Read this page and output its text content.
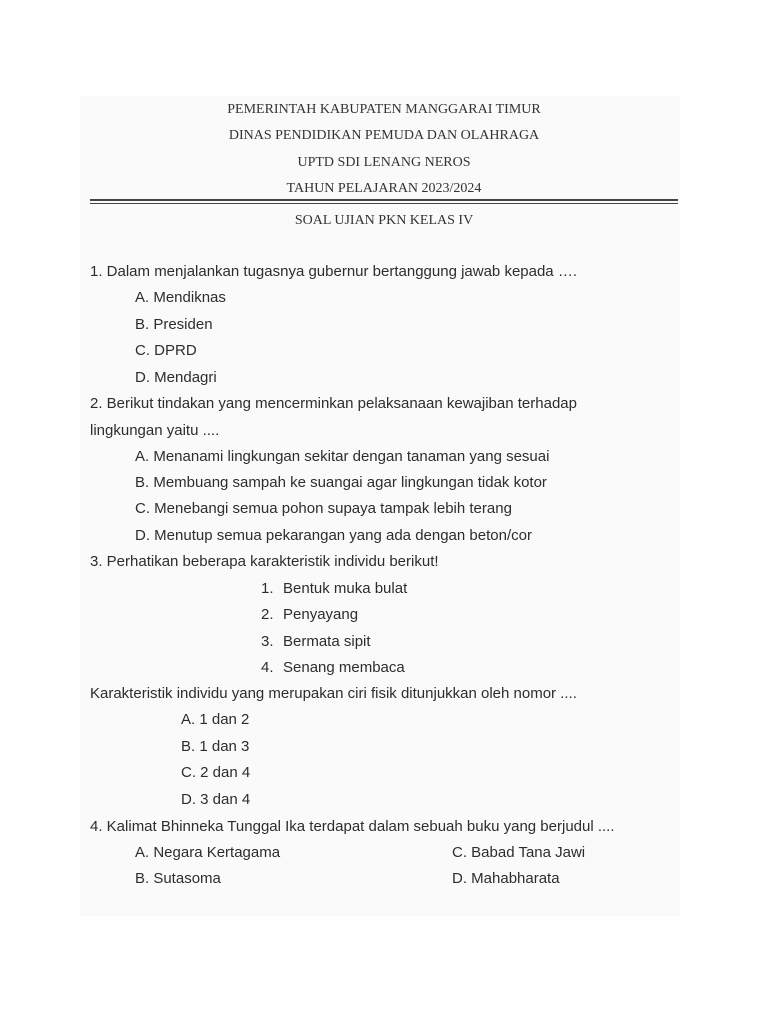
PEMERINTAH KABUPATEN MANGGARAI TIMUR
DINAS PENDIDIKAN PEMUDA DAN OLAHRAGA
UPTD SDI LENANG NEROS
TAHUN PELAJARAN 2023/2024
SOAL UJIAN PKN KELAS IV
1. Dalam menjalankan tugasnya gubernur bertanggung jawab kepada ….
A. Mendiknas
B. Presiden
C. DPRD
D. Mendagri
2. Berikut tindakan yang mencerminkan pelaksanaan kewajiban terhadap
lingkungan yaitu ....
A. Menanami lingkungan sekitar dengan tanaman yang sesuai
B. Membuang sampah ke suangai agar lingkungan tidak kotor
C. Menebangi semua pohon supaya tampak lebih terang
D. Menutup semua pekarangan yang ada dengan beton/cor
3. Perhatikan beberapa karakteristik individu berikut!
1. Bentuk muka bulat
2. Penyayang
3. Bermata sipit
4. Senang membaca
Karakteristik individu yang merupakan ciri fisik ditunjukkan oleh nomor ....
A. 1 dan 2
B. 1 dan 3
C. 2 dan 4
D. 3 dan 4
4. Kalimat Bhinneka Tunggal Ika terdapat dalam sebuah buku yang berjudul ....
A. Negara Kertagama	C. Babad Tana Jawi
B. Sutasoma	D. Mahabharata
